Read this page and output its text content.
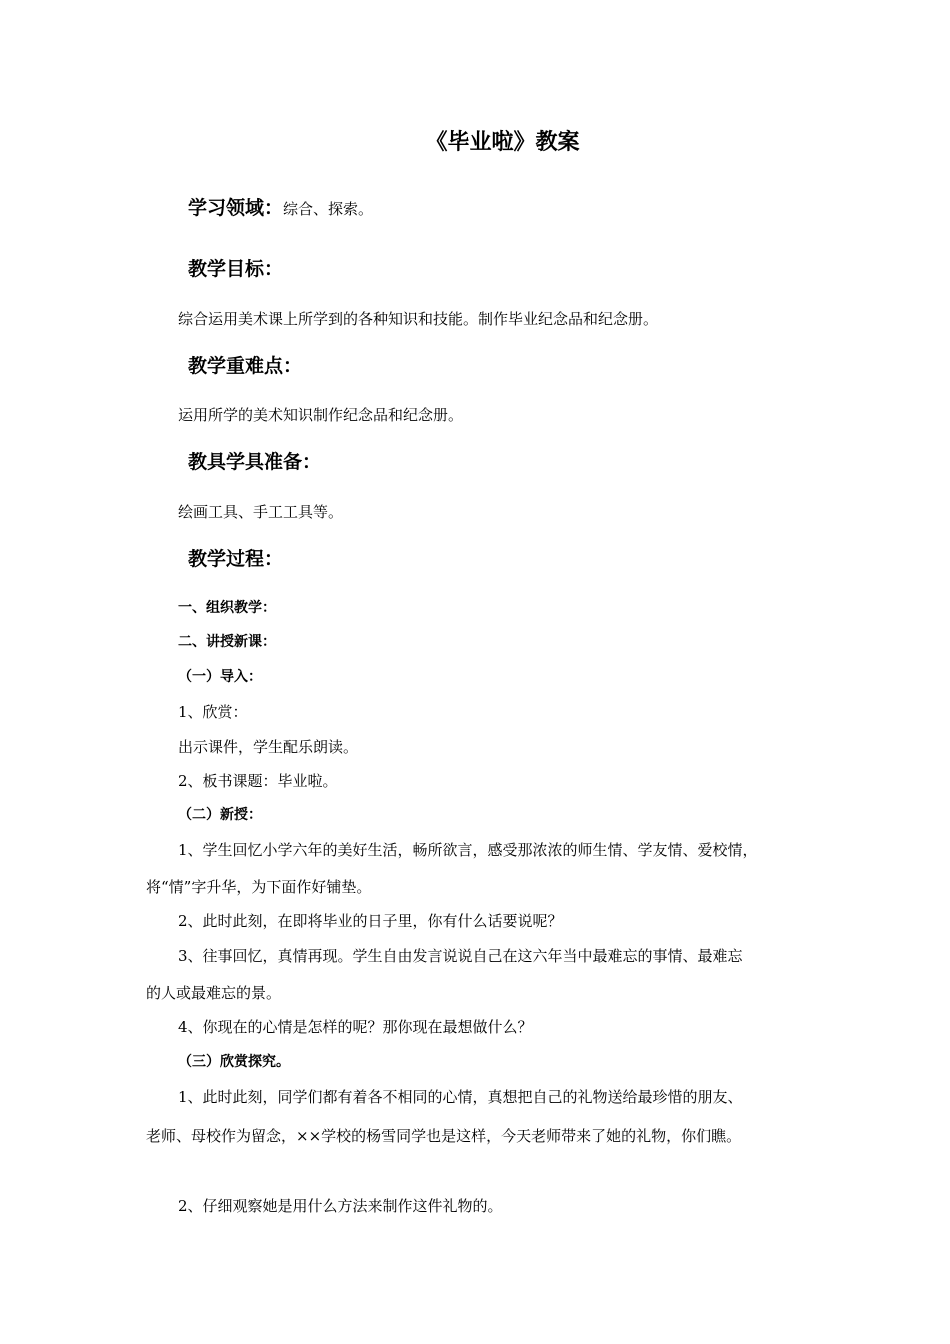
《毕业啦》教案
学习领域：综合、探索。
教学目标：
综合运用美术课上所学到的各种知识和技能。制作毕业纪念品和纪念册。
教学重难点：
运用所学的美术知识制作纪念品和纪念册。
教具学具准备：
绘画工具、手工工具等。
教学过程：
一、组织教学：
二、讲授新课：
（一）导入：
1、欣赏：
出示课件，学生配乐朗读。
2、板书课题：毕业啦。
（二）新授：
1、学生回忆小学六年的美好生活，畅所欲言，感受那浓浓的师生情、学友情、爱校情，
将“情”字升华，为下面作好铺垫。
2、此时此刻，在即将毕业的日子里，你有什么话要说呢？
3、往事回忆，真情再现。学生自由发言说说自己在这六年当中最难忘的事情、最难忘
的人或最难忘的景。
4、你现在的心情是怎样的呢？那你现在最想做什么？
（三）欣赏探究。
1、此时此刻，同学们都有着各不相同的心情，真想把自己的礼物送给最珍惜的朋友、
老师、母校作为留念，××学校的杨雪同学也是这样，今天老师带来了她的礼物，你们瞧。
2、仔细观察她是用什么方法来制作这件礼物的。
